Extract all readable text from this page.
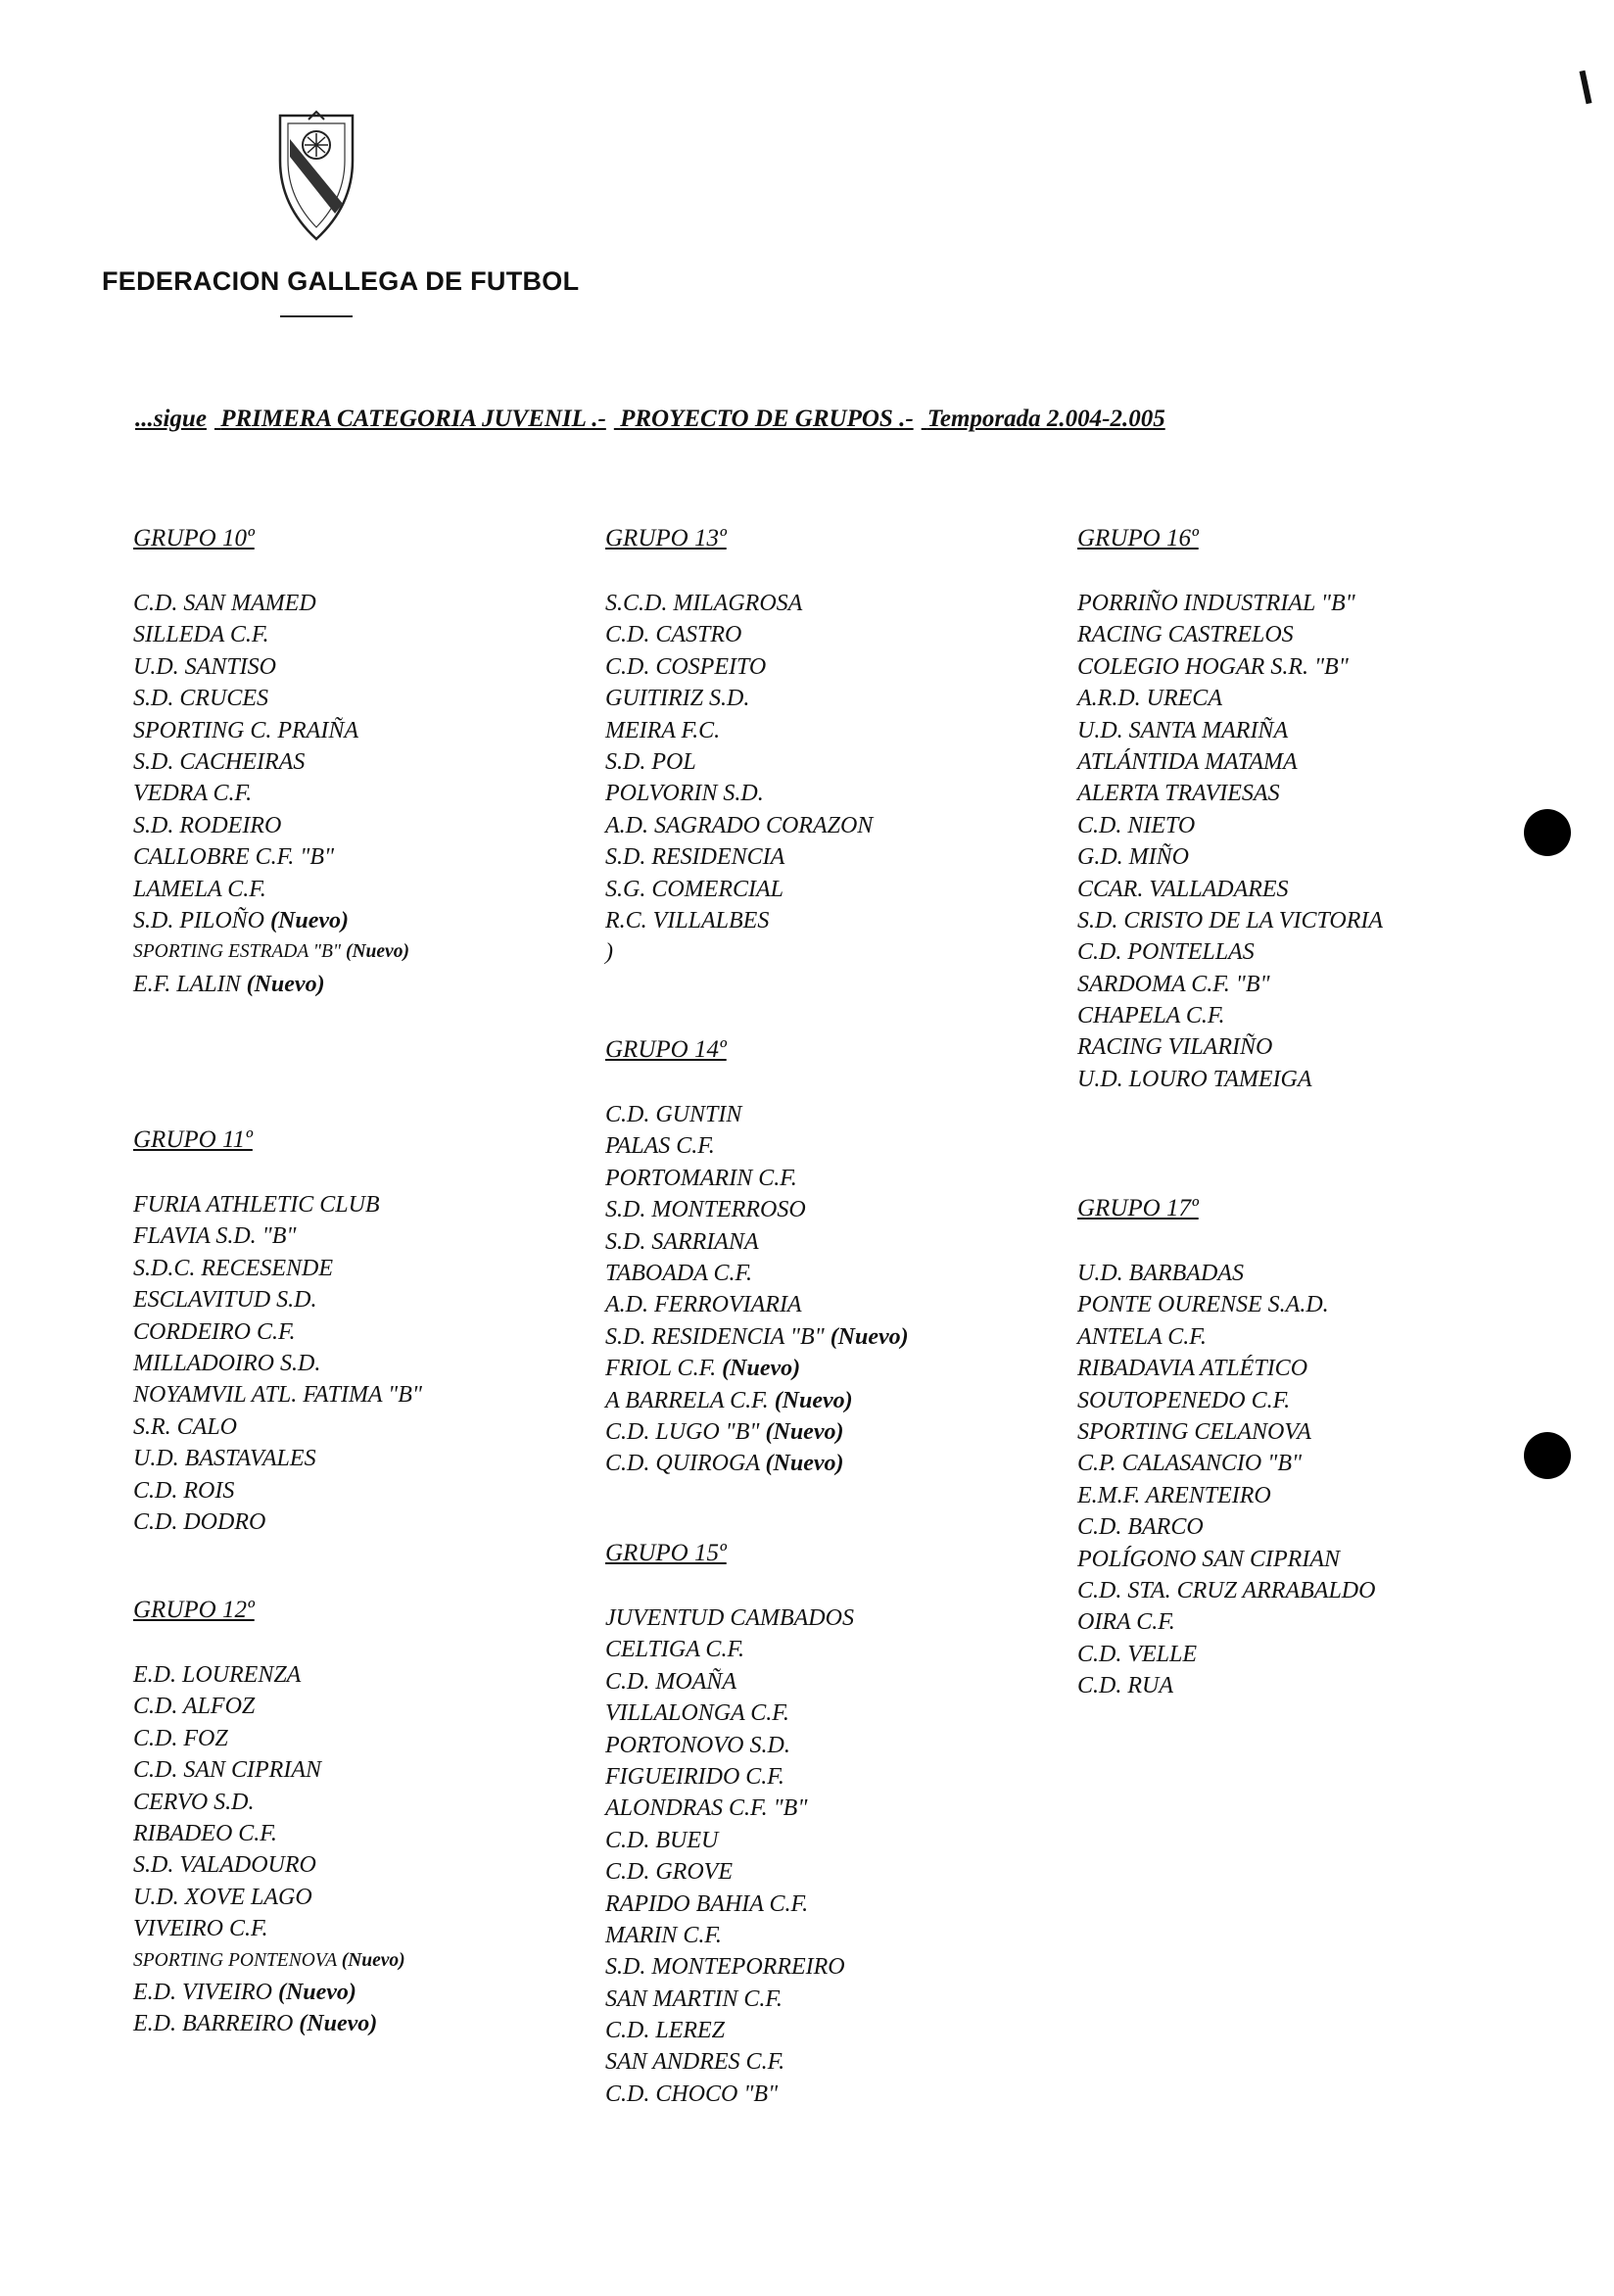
FEDERACION GALLEGA DE FUTBOL
...sigue PRIMERA CATEGORIA JUVENIL .- PROYECTO DE GRUPOS .- Temporada 2.004-2.005
GRUPO 10º
C.D. SAN MAMED
SILLEDA C.F.
U.D. SANTISO
S.D. CRUCES
SPORTING C. PRAIÑA
S.D. CACHEIRAS
VEDRA C.F.
S.D. RODEIRO
CALLOBRE C.F. "B"
LAMELA C.F.
S.D. PILOÑO (Nuevo)
SPORTING ESTRADA "B" (Nuevo)
E.F. LALIN (Nuevo)
GRUPO 11º
FURIA ATHLETIC CLUB
FLAVIA S.D. "B"
S.D.C. RECESENDE
ESCLAVITUD S.D.
CORDEIRO C.F.
MILLADOIRO S.D.
NOYAMVIL ATL. FATIMA "B"
S.R. CALO
U.D. BASTAVALES
C.D. ROIS
C.D. DODRO
GRUPO 12º
E.D. LOURENZA
C.D. ALFOZ
C.D. FOZ
C.D. SAN CIPRIAN
CERVO S.D.
RIBADEO C.F.
S.D. VALADOURO
U.D. XOVE LAGO
VIVEIRO C.F.
SPORTING PONTENOVA (Nuevo)
E.D. VIVEIRO (Nuevo)
E.D. BARREIRO (Nuevo)
GRUPO 13º
S.C.D. MILAGROSA
C.D. CASTRO
C.D. COSPEITO
GUITIRIZ S.D.
MEIRA F.C.
S.D. POL
POLVORIN S.D.
A.D. SAGRADO CORAZON
S.D. RESIDENCIA
S.G. COMERCIAL
R.C. VILLALBES
)
GRUPO 14º
C.D. GUNTIN
PALAS C.F.
PORTOMARIN C.F.
S.D. MONTERROSO
S.D. SARRIANA
TABOADA C.F.
A.D. FERROVIARIA
S.D. RESIDENCIA "B" (Nuevo)
FRIOL C.F. (Nuevo)
A BARRELA C.F. (Nuevo)
C.D. LUGO "B" (Nuevo)
C.D. QUIROGA (Nuevo)
GRUPO 15º
JUVENTUD CAMBADOS
CELTIGA C.F.
C.D. MOAÑA
VILLALONGA C.F.
PORTONOVO S.D.
FIGUEIRIDO C.F.
ALONDRAS C.F. "B"
C.D. BUEU
C.D. GROVE
RAPIDO BAHIA C.F.
MARIN C.F.
S.D. MONTEPORREIRO
SAN MARTIN C.F.
C.D. LEREZ
SAN ANDRES C.F.
C.D. CHOCO "B"
GRUPO 16º
PORRIÑO INDUSTRIAL "B"
RACING CASTRELOS
COLEGIO HOGAR S.R. "B"
A.R.D. URECA
U.D. SANTA MARIÑA
ATLÁNTIDA MATAMA
ALERTA TRAVIESAS
C.D. NIETO
G.D. MIÑO
CCAR. VALLADARES
S.D. CRISTO DE LA VICTORIA
C.D. PONTELLAS
SARDOMA C.F. "B"
CHAPELA C.F.
RACING VILARIÑO
U.D. LOURO TAMEIGA
GRUPO 17º
U.D. BARBADAS
PONTE OURENSE S.A.D.
ANTELA C.F.
RIBADAVIA ATLÉTICO
SOUTOPENEDO C.F.
SPORTING CELANOVA
C.P. CALASANCIO "B"
E.M.F. ARENTEIRO
C.D. BARCO
POLÍGONO SAN CIPRIAN
C.D. STA. CRUZ ARRABALDO
OIRA C.F.
C.D. VELLE
C.D. RUA
